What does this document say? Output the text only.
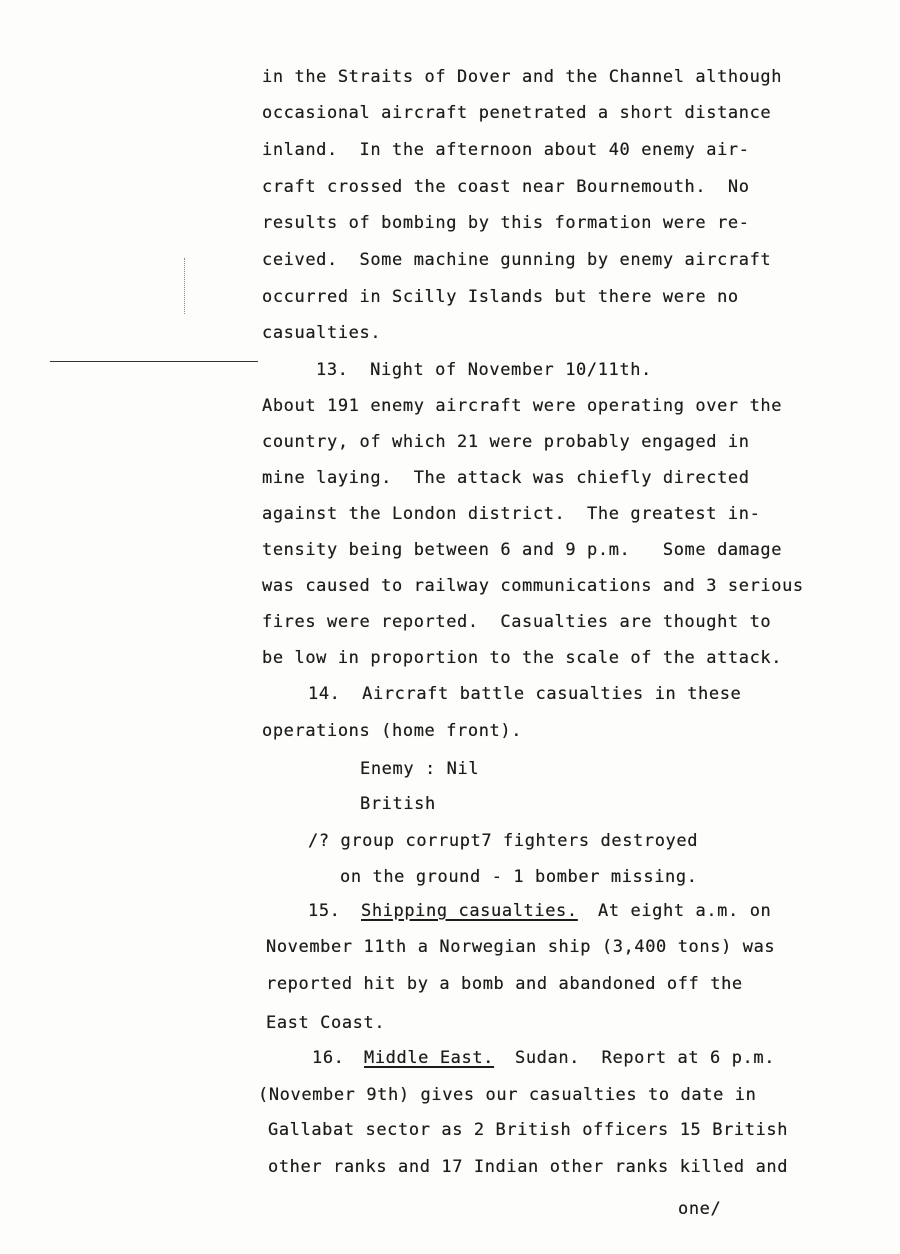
in the Straits of Dover and the Channel although
occasional aircraft penetrated a short distance
inland.  In the afternoon about 40 enemy air-
craft crossed the coast near Bournemouth.  No
results of bombing by this formation were re-
ceived.  Some machine gunning by enemy aircraft
occurred in Scilly Islands but there were no
casualties.
13.  Night of November 10/11th.
About 191 enemy aircraft were operating over the
country, of which 21 were probably engaged in
mine laying.  The attack was chiefly directed
against the London district.  The greatest in-
tensity being between 6 and 9 p.m.   Some damage
was caused to railway communications and 3 serious
fires were reported.  Casualties are thought to
be low in proportion to the scale of the attack.
14.  Aircraft battle casualties in these
operations (home front).
Enemy : Nil
British
/? group corrupt7 fighters destroyed
on the ground - 1 bomber missing.
15. Shipping casualties. At eight a.m. on
November 11th a Norwegian ship (3,400 tons) was
reported hit by a bomb and abandoned off the
East Coast.
16. Middle East. Sudan.  Report at 6 p.m.
(November 9th) gives our casualties to date in
Gallabat sector as 2 British officers 15 British
other ranks and 17 Indian other ranks killed and
one/
